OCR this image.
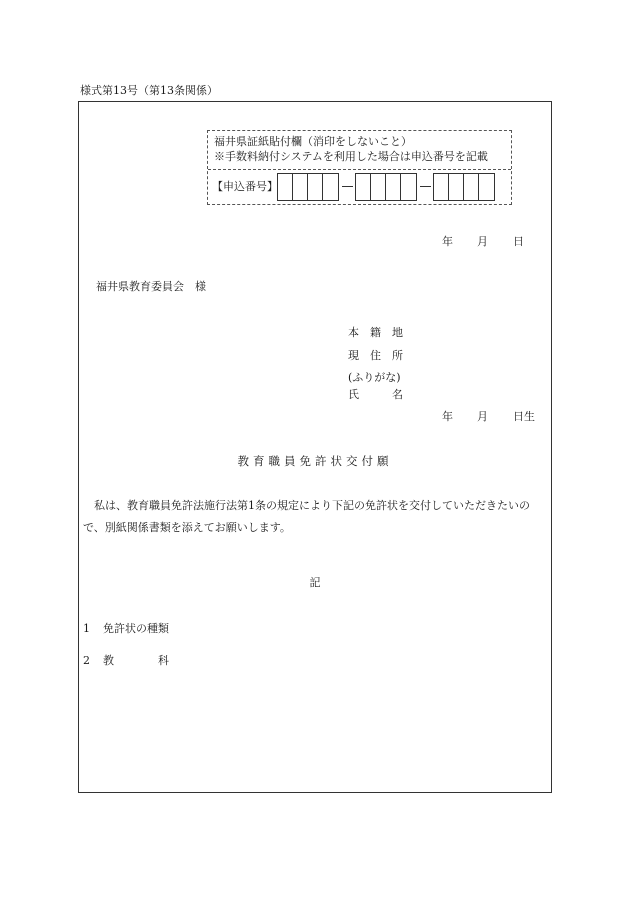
様式第13号（第13条関係）
福井県証紙貼付欄（消印をしないこと）
※手数料納付システムを利用した場合は申込番号を記載
【申込番号】
年 月 日
福井県教育委員会　様
本　籍　地
現　住　所
(ふりがな)
氏　　　名
年 月 日生
教育職員免許状交付願
私は、教育職員免許法施行法第1条の規定により下記の免許状を交付していただきたいので、別紙関係書類を添えてお願いします。
記
1 免許状の種類
2 教　　　　科
